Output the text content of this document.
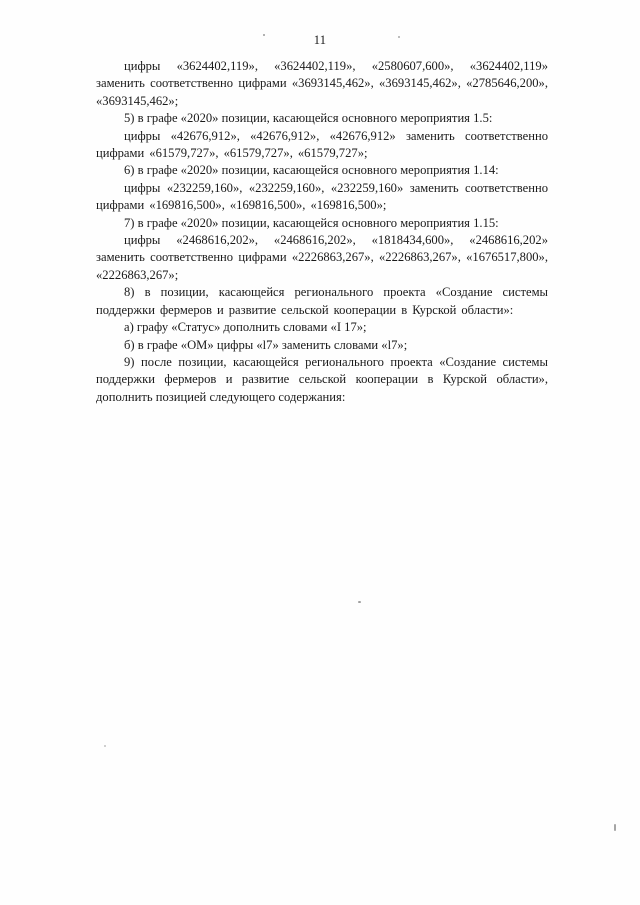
11

цифры «3624402,119», «3624402,119», «2580607,600», «3624402,119» заменить соответственно цифрами «3693145,462», «3693145,462», «2785646,200», «3693145,462»;

5) в графе «2020» позиции, касающейся основного мероприятия 1.5:

цифры «42676,912», «42676,912», «42676,912» заменить соответственно цифрами «61579,727», «61579,727», «61579,727»;

6) в графе «2020» позиции, касающейся основного мероприятия 1.14:

цифры «232259,160», «232259,160», «232259,160» заменить соответственно цифрами «169816,500», «169816,500», «169816,500»;

7) в графе «2020» позиции, касающейся основного мероприятия 1.15:

цифры «2468616,202», «2468616,202», «1818434,600», «2468616,202» заменить соответственно цифрами «2226863,267», «2226863,267», «1676517,800», «2226863,267»;

8) в позиции, касающейся регионального проекта «Создание системы поддержки фермеров и развитие сельской кооперации в Курской области»:

а) графу «Статус» дополнить словами «I 17»;

б) в графе «ОМ» цифры «l7» заменить словами «l7»;

9) после позиции, касающейся регионального проекта «Создание системы поддержки фермеров и развитие сельской кооперации в Курской области», дополнить позицией следующего содержания:
